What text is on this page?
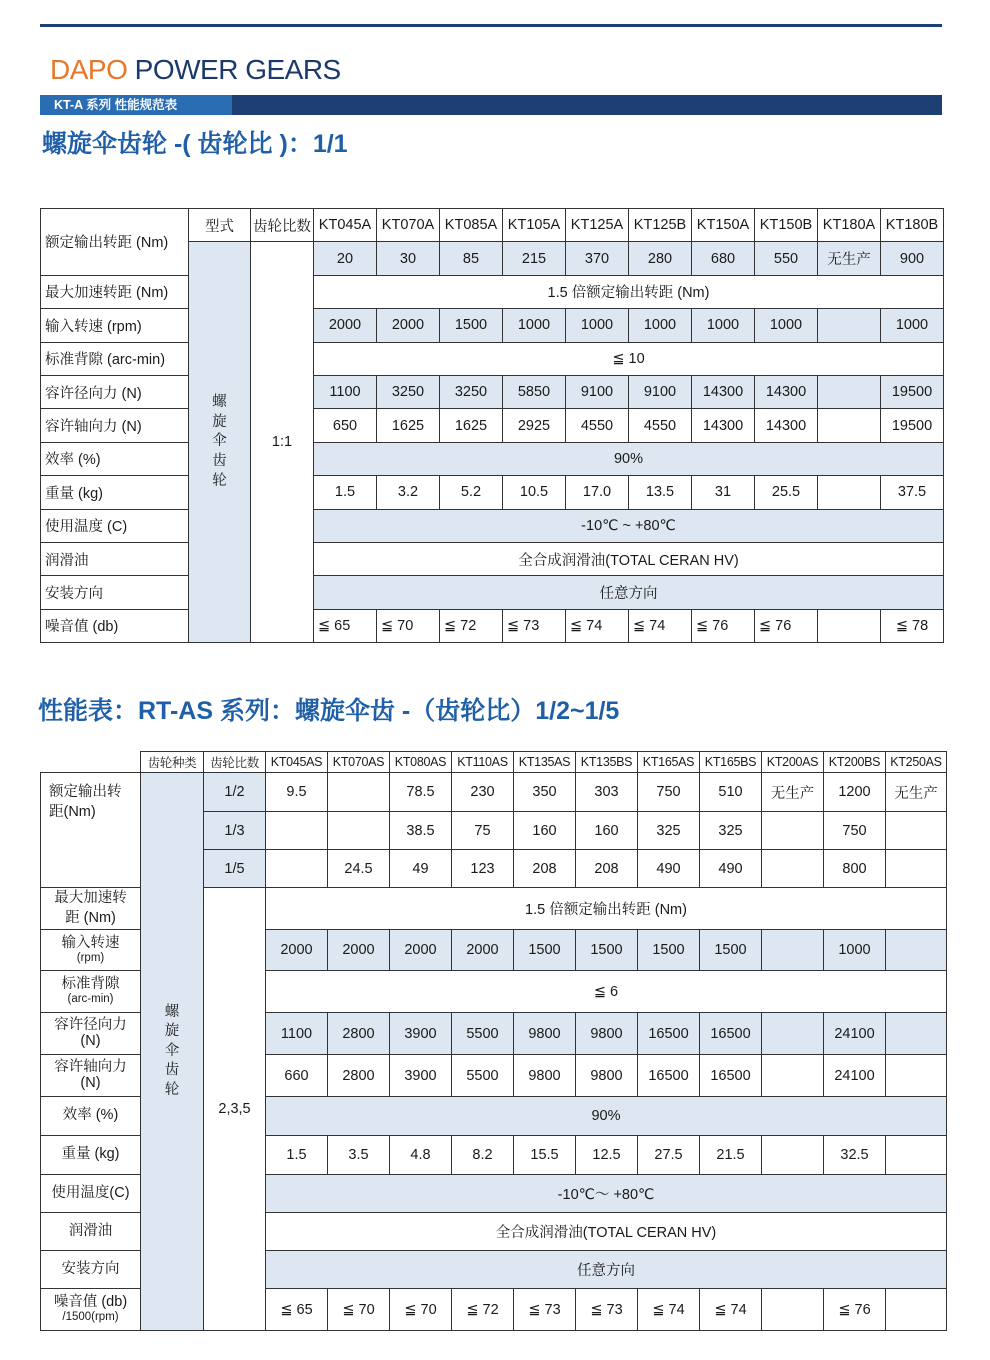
DAPO POWER GEARS
KT-A 系列 性能规范表
螺旋伞齿轮 -( 齿轮比 )：1/1
额定输出转距 (Nm)	型式	齿轮比数	KT045A	KT070A	KT085A	KT105A	KT125A	KT125B	KT150A	KT150B	KT180A	KT180B
	螺旋伞齿轮	1:1	20	30	85	215	370	280	680	550	无生产	900
最大加速转距 (Nm)			1.5 倍额定输出转距 (Nm)									
输入转速 (rpm)			2000	2000	1500	1000	1000	1000	1000	1000		1000
标准背隙 (arc-min)			≦ 10									
容许径向力 (N)			1100	3250	3250	5850	9100	9100	14300	14300		19500
容许轴向力 (N)			650	1625	1625	2925	4550	4550	14300	14300		19500
效率 (%)			90%									
重量 (kg)			1.5	3.2	5.2	10.5	17.0	13.5	31	25.5		37.5
使用温度 (C)			-10℃ ~ +80℃									
润滑油			全合成润滑油(TOTAL CERAN HV)									
安装方向			任意方向									
噪音值 (db)			≦ 65	≦ 70	≦ 72	≦ 73	≦ 74	≦ 74	≦ 76	≦ 76		≦ 78
性能表：RT-AS 系列：螺旋伞齿 -（齿轮比）1/2~1/5
	齿轮种类	齿轮比数	KT045AS	KT070AS	KT080AS	KT110AS	KT135AS	KT135BS	KT165AS	KT165BS	KT200AS	KT200BS	KT250AS
额定输出转距(Nm)	螺旋伞齿轮	1/2	9.5		78.5	230	350	303	750	510	无生产	1200	无生产
		1/3			38.5	75	160	160	325	325		750	
		1/5		24.5	49	123	208	208	490	490		800	
最大加速转距 (Nm)		2,3,5	1.5 倍额定输出转距 (Nm)										

输入转速
(rpm)			2000	2000	2000	2000	1500	1500	1500	1500		1000	

标准背隙
(arc-min)			≦ 6										

容许径向力
(N)			1100	2800	3900	5500	9800	9800	16500	16500		24100	

容许轴向力
(N)			660	2800	3900	5500	9800	9800	16500	16500		24100	
效率 (%)			90%										
重量 (kg)			1.5	3.5	4.8	8.2	15.5	12.5	27.5	21.5		32.5	
使用温度(C)			-10℃～ +80℃										
润滑油			全合成润滑油(TOTAL CERAN HV)										
安装方向			任意方向										

噪音值 (db)
/1500(rpm)			≦ 65	≦ 70	≦ 70	≦ 72	≦ 73	≦ 73	≦ 74	≦ 74		≦ 76	
